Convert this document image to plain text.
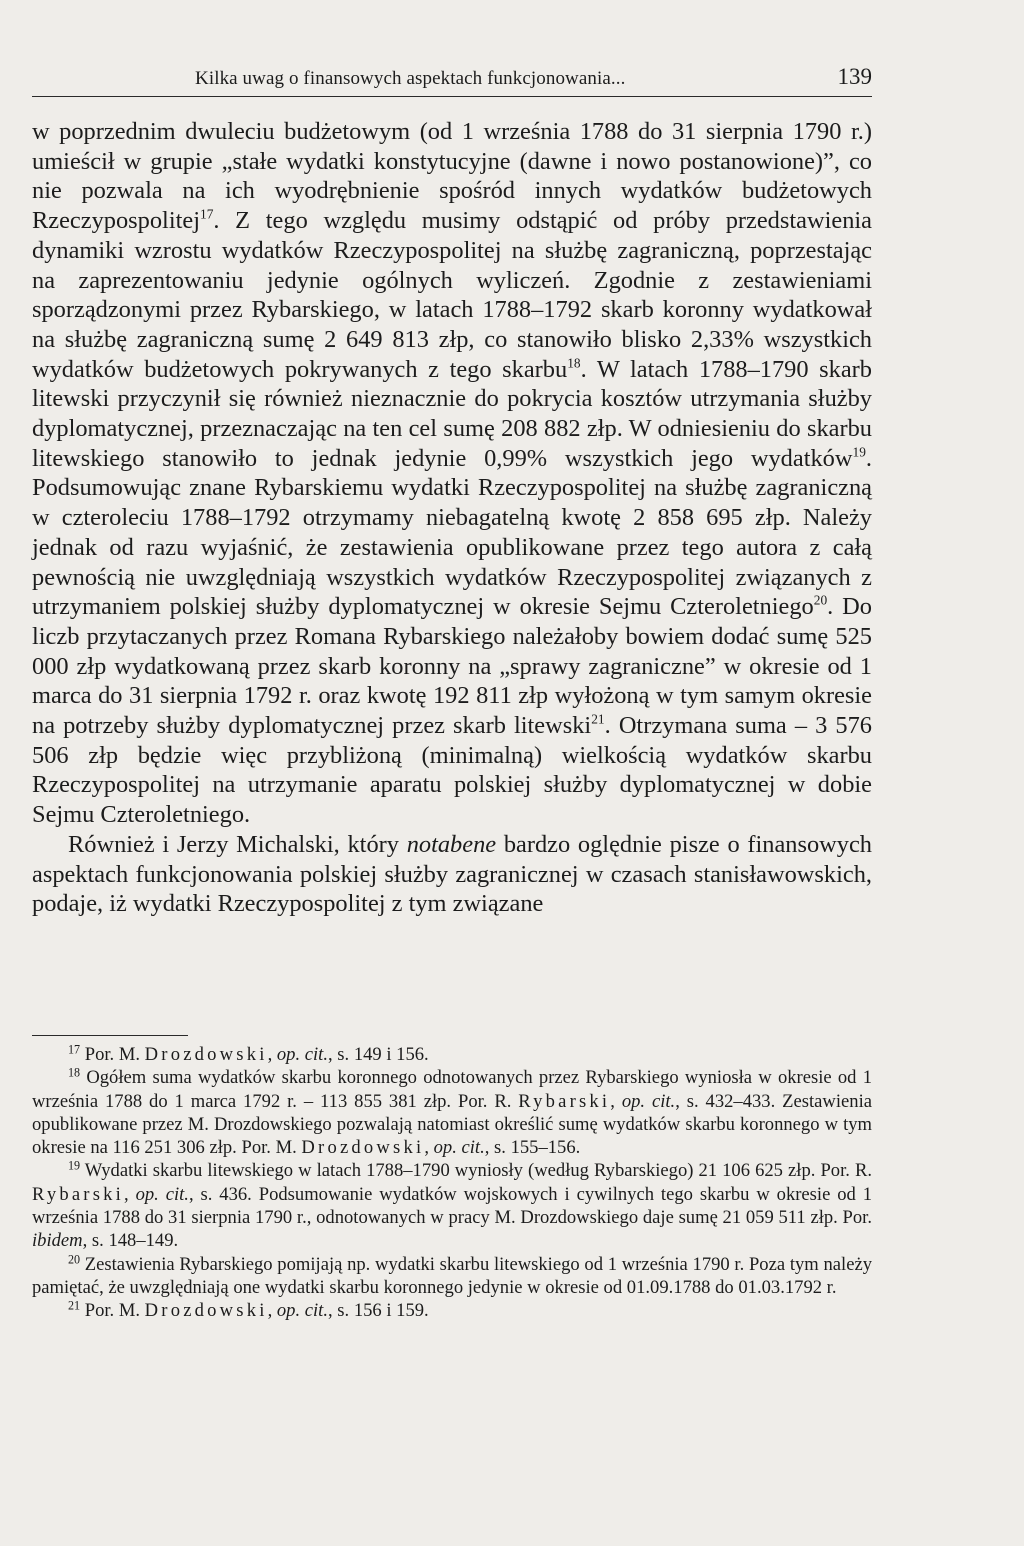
Kilka uwag o finansowych aspektach funkcjonowania...	139

w poprzednim dwuleciu budżetowym (od 1 września 1788 do 31 sierpnia 1790 r.) umieścił w grupie „stałe wydatki konstytucyjne (dawne i nowo postanowione)”, co nie pozwala na ich wyodrębnienie spośród innych wydatków budżetowych Rzeczypospolitej$^{17}$. Z tego względu musimy odstąpić od próby przedstawienia dynamiki wzrostu wydatków Rzeczypospolitej na służbę zagraniczną, poprzestając na zaprezentowaniu jedynie ogólnych wyliczeń. Zgodnie z zestawieniami sporządzonymi przez Rybarskiego, w latach 1788–1792 skarb koronny wydatkował na służbę zagraniczną sumę 2 649 813 złp, co stanowiło blisko 2,33% wszystkich wydatków budżetowych pokrywanych z tego skarbu$^{18}$. W latach 1788–1790 skarb litewski przyczynił się również nieznacznie do pokrycia kosztów utrzymania służby dyplomatycznej, przeznaczając na ten cel sumę 208 882 złp. W odniesieniu do skarbu litewskiego stanowiło to jednak jedynie 0,99% wszystkich jego wydatków$^{19}$. Podsumowując znane Rybarskiemu wydatki Rzeczypospolitej na służbę zagraniczną w czteroleciu 1788–1792 otrzymamy niebagatelną kwotę 2 858 695 złp. Należy jednak od razu wyjaśnić, że zestawienia opublikowane przez tego autora z całą pewnością nie uwzględniają wszystkich wydatków Rzeczypospolitej związanych z utrzymaniem polskiej służby dyplomatycznej w okresie Sejmu Czteroletniego$^{20}$. Do liczb przytaczanych przez Romana Rybarskiego należałoby bowiem dodać sumę 525 000 złp wydatkowaną przez skarb koronny na „sprawy zagraniczne” w okresie od 1 marca do 31 sierpnia 1792 r. oraz kwotę 192 811 złp wyłożoną w tym samym okresie na potrzeby służby dyplomatycznej przez skarb litewski$^{21}$. Otrzymana suma – 3 576 506 złp będzie więc przybliżoną (minimalną) wielkością wydatków skarbu Rzeczypospolitej na utrzymanie aparatu polskiej służby dyplomatycznej w dobie Sejmu Czteroletniego.

Również i Jerzy Michalski, który notabene bardzo oględnie pisze o finansowych aspektach funkcjonowania polskiej służby zagranicznej w czasach stanisławowskich, podaje, iż wydatki Rzeczypospolitej z tym związane

$^{17}$ Por. M. Drozdowski, op. cit., s. 149 i 156.

$^{18}$ Ogółem suma wydatków skarbu koronnego odnotowanych przez Rybarskiego wyniosła w okresie od 1 września 1788 do 1 marca 1792 r. – 113 855 381 złp. Por. R. Rybarski, op. cit., s. 432–433. Zestawienia opublikowane przez M. Drozdowskiego pozwalają natomiast określić sumę wydatków skarbu koronnego w tym okresie na 116 251 306 złp. Por. M. Drozdowski, op. cit., s. 155–156.

$^{19}$ Wydatki skarbu litewskiego w latach 1788–1790 wyniosły (według Rybarskiego) 21 106 625 złp. Por. R. Rybarski, op. cit., s. 436. Podsumowanie wydatków wojskowych i cywilnych tego skarbu w okresie od 1 września 1788 do 31 sierpnia 1790 r., odnotowanych w pracy M. Drozdowskiego daje sumę 21 059 511 złp. Por. ibidem, s. 148–149.

$^{20}$ Zestawienia Rybarskiego pomijają np. wydatki skarbu litewskiego od 1 września 1790 r. Poza tym należy pamiętać, że uwzględniają one wydatki skarbu koronnego jedynie w okresie od 01.09.1788 do 01.03.1792 r.

$^{21}$ Por. M. Drozdowski, op. cit., s. 156 i 159.
